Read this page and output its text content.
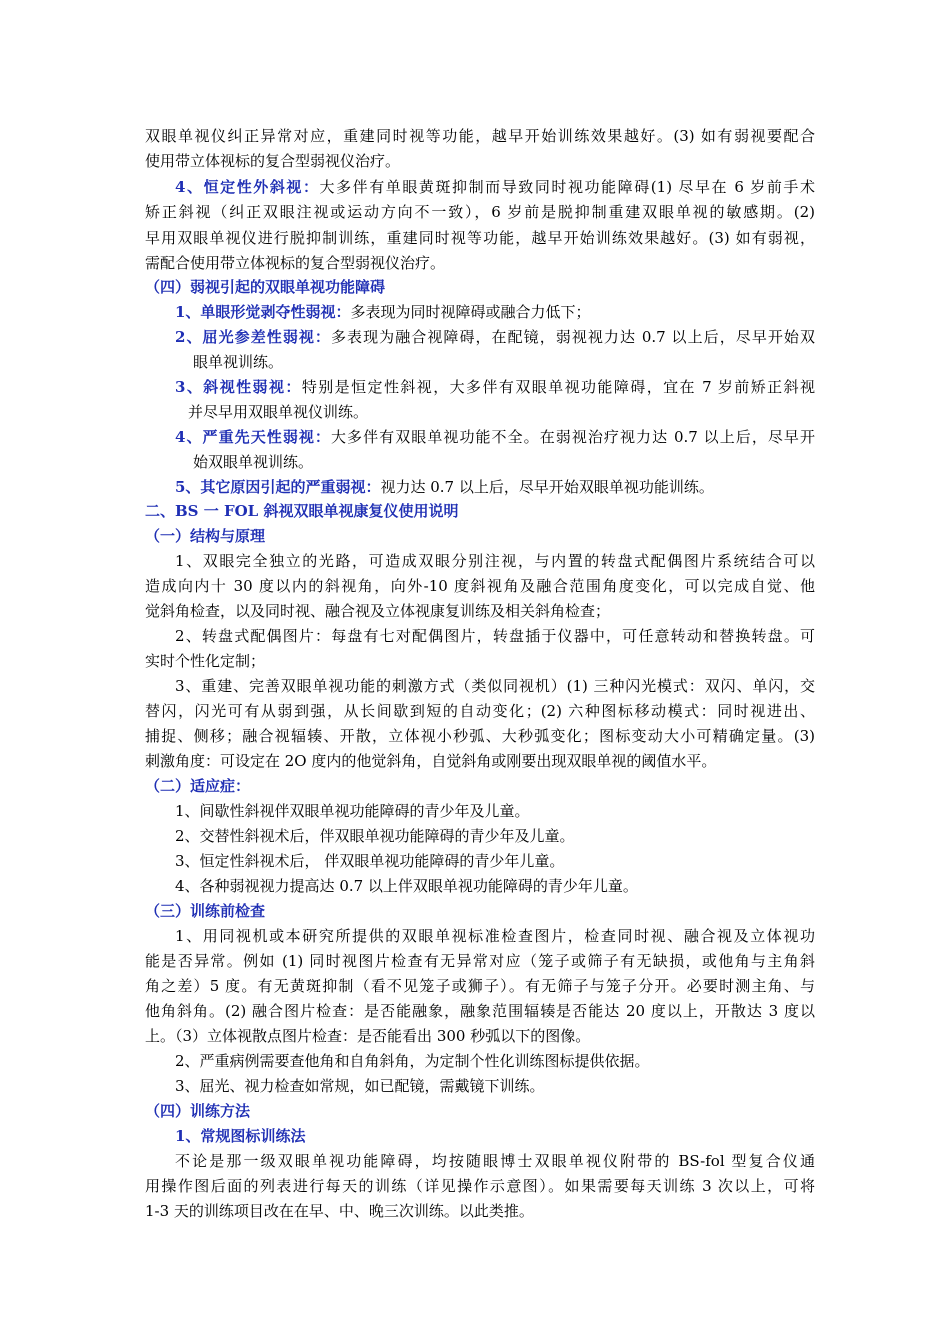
双眼单视仪纠正异常对应，重建同时视等功能，越早开始训练效果越好。(3) 如有弱视要配合
使用带立体视标的复合型弱视仪治疗。
4、恒定性外斜视：大多伴有单眼黄斑抑制而导致同时视功能障碍(1) 尽早在 6 岁前手术
矫正斜视（纠正双眼注视或运动方向不一致），6 岁前是脱抑制重建双眼单视的敏感期。(2)
早用双眼单视仪进行脱抑制训练，重建同时视等功能，越早开始训练效果越好。(3) 如有弱视，
需配合使用带立体视标的复合型弱视仪治疗。
（四）弱视引起的双眼单视功能障碍
1、单眼形觉剥夺性弱视：多表现为同时视障碍或融合力低下；
2、屈光参差性弱视：多表现为融合视障碍，在配镜，弱视视力达 0.7 以上后，尽早开始双
眼单视训练。
3、斜视性弱视：特别是恒定性斜视，大多伴有双眼单视功能障碍，宜在 7 岁前矫正斜视
并尽早用双眼单视仪训练。
4、严重先天性弱视：大多伴有双眼单视功能不全。在弱视治疗视力达 0.7 以上后，尽早开
始双眼单视训练。
5、其它原因引起的严重弱视：视力达 0.7 以上后，尽早开始双眼单视功能训练。
二、BS 一 FOL 斜视双眼单视康复仪使用说明
（一）结构与原理
1、双眼完全独立的光路，可造成双眼分别注视，与内置的转盘式配偶图片系统结合可以
造成向内十 30 度以内的斜视角，向外-10 度斜视角及融合范围角度变化，可以完成自觉、他
觉斜角检查，以及同时视、融合视及立体视康复训练及相关斜角检查；
2、转盘式配偶图片：每盘有七对配偶图片，转盘插于仪器中，可任意转动和替换转盘。可
实时个性化定制；
3、重建、完善双眼单视功能的刺激方式（类似同视机）(1) 三种闪光模式：双闪、单闪，交
替闪，闪光可有从弱到强，从长间歇到短的自动变化；(2) 六种图标移动模式：同时视进出、
捕捉、侧移；融合视辐辏、开散，立体视小秒弧、大秒弧变化；图标变动大小可精确定量。(3)
刺激角度：可设定在 2O 度内的他觉斜角，自觉斜角或刚要出现双眼单视的阈值水平。
（二）适应症：
1、间歇性斜视伴双眼单视功能障碍的青少年及儿童。
2、交替性斜视术后，伴双眼单视功能障碍的青少年及儿童。
3、恒定性斜视术后， 伴双眼单视功能障碍的青少年儿童。
4、各种弱视视力提高达 0.7 以上伴双眼单视功能障碍的青少年儿童。
（三）训练前检查
1、用同视机或本研究所提供的双眼单视标准检查图片，检查同时视、融合视及立体视功
能是否异常。例如 (1) 同时视图片检查有无异常对应（笼子或筛子有无缺损，或他角与主角斜
角之差）5 度。有无黄斑抑制（看不见笼子或狮子）。有无筛子与笼子分开。必要时测主角、与
他角斜角。(2) 融合图片检查：是否能融象，融象范围辐辏是否能达 20 度以上，开散达 3 度以
上。（3）立体视散点图片检查：是否能看出 300 秒弧以下的图像。
2、严重病例需要查他角和自角斜角，为定制个性化训练图标提供依据。
3、屈光、视力检查如常规，如已配镜，需戴镜下训练。
（四）训练方法
1、常规图标训练法
不论是那一级双眼单视功能障碍，均按随眼博士双眼单视仪附带的 BS-fol 型复合仪通
用操作图后面的列表进行每天的训练（详见操作示意图）。如果需要每天训练 3 次以上，可将
1-3 天的训练项目改在在早、中、晚三次训练。以此类推。
